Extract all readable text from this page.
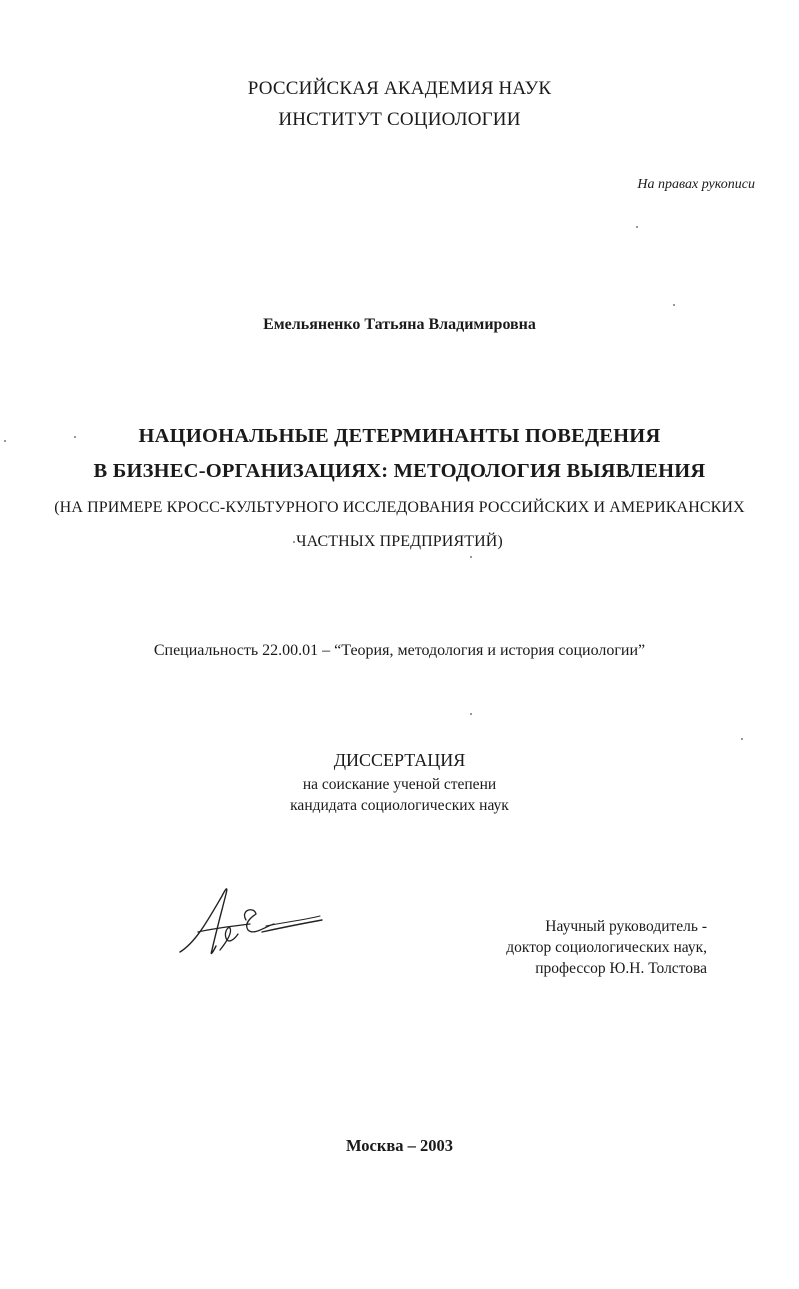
РОССИЙСКАЯ АКАДЕМИЯ НАУК
ИНСТИТУТ СОЦИОЛОГИИ
На правах рукописи
Емельяненко Татьяна Владимировна
НАЦИОНАЛЬНЫЕ ДЕТЕРМИНАНТЫ ПОВЕДЕНИЯ
В БИЗНЕС-ОРГАНИЗАЦИЯХ: МЕТОДОЛОГИЯ ВЫЯВЛЕНИЯ
(НА ПРИМЕРЕ КРОСС-КУЛЬТУРНОГО ИССЛЕДОВАНИЯ РОССИЙСКИХ И АМЕРИКАНСКИХ
ЧАСТНЫХ ПРЕДПРИЯТИЙ)
Специальность 22.00.01 – “Теория, методология и история социологии”
ДИССЕРТАЦИЯ
на соискание ученой степени
кандидата социологических наук
Научный руководитель -
доктор социологических наук,
профессор Ю.Н. Толстова
Москва – 2003
